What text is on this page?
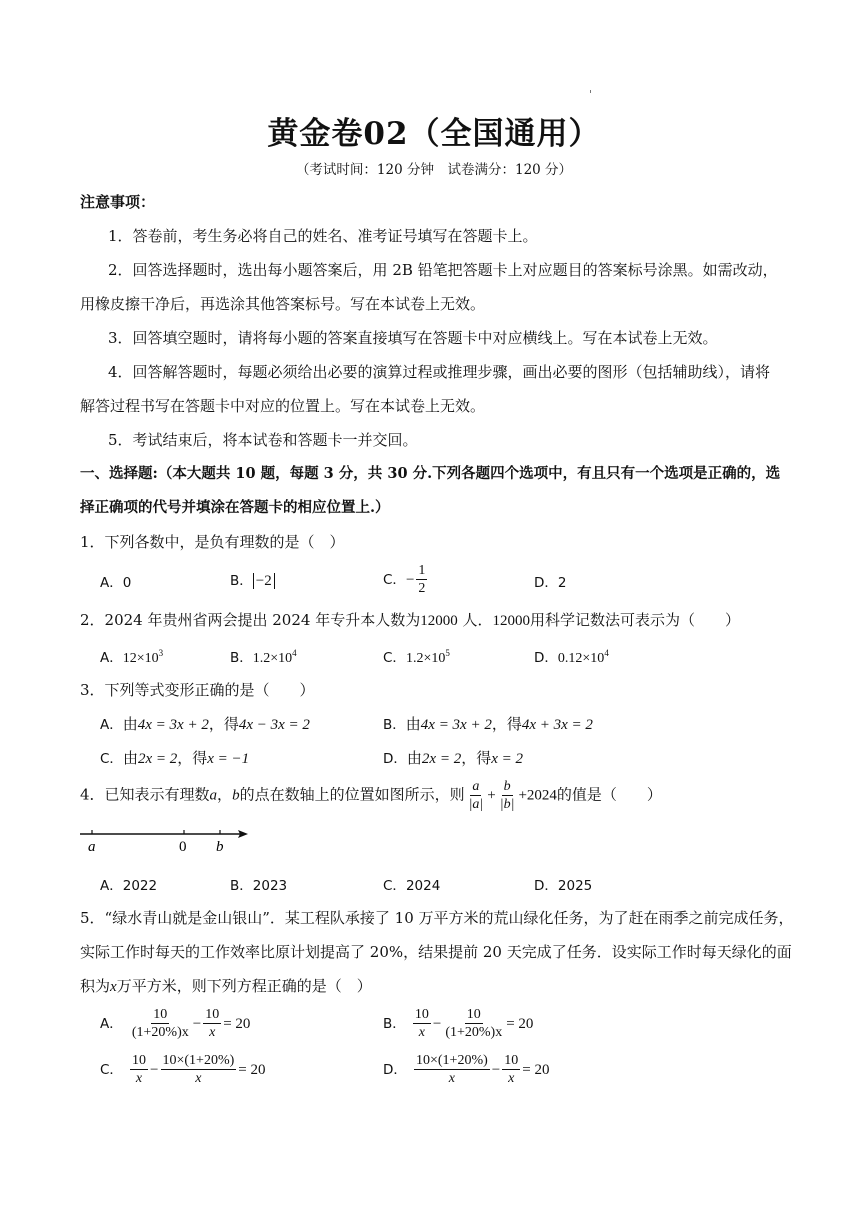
黄金卷02（全国通用）
（考试时间：120 分钟　试卷满分：120 分）
注意事项：
1．答卷前，考生务必将自己的姓名、准考证号填写在答题卡上。
2．回答选择题时，选出每小题答案后，用 2B 铅笔把答题卡上对应题目的答案标号涂黑。如需改动，
用橡皮擦干净后，再选涂其他答案标号。写在本试卷上无效。
3．回答填空题时，请将每小题的答案直接填写在答题卡中对应横线上。写在本试卷上无效。
4．回答解答题时，每题必须给出必要的演算过程或推理步骤，画出必要的图形（包括辅助线），请将
解答过程书写在答题卡中对应的位置上。写在本试卷上无效。
5．考试结束后，将本试卷和答题卡一并交回。
一、选择题:（本大题共 10 题，每题 3 分，共 30 分.下列各题四个选项中，有且只有一个选项是正确的，选
择正确项的代号并填涂在答题卡的相应位置上.）
1．下列各数中，是负有理数的是（　）
A．0	B． −2	C．− $\frac{1}{2}$	D．2
2．2024 年贵州省两会提出 2024 年专升本人数为12000 人．12000用科学记数法可表示为（　　）
A．$12\times 10^3$	B．$1.2\times 10^4$	C．$1.2\times 10^5$	D．$0.12\times 10^4$
3．下列等式变形正确的是（　　）
A．由4x = 3x + 2，得4x − 3x = 2	B．由4x = 3x + 2，得4x + 3x = 2
C．由2x = 2，得x = −1	D．由2x = 2，得x = 2
4．已知表示有理数a，b的点在数轴上的位置如图所示，则 $\frac{a}{|a|} + \frac{b}{|b|} +2024$的值是（　　）
a	0 b
A．2022	B．2023	C．2024	D．2025
5．“绿水青山就是金山银山”．某工程队承接了 10 万平方米的荒山绿化任务，为了赶在雨季之前完成任务，
实际工作时每天的工作效率比原计划提高了 20%，结果提前 20 天完成了任务．设实际工作时每天绿化的面
积为x万平方米，则下列方程正确的是（　）
A． $\frac{10}{(1+20\%)x} - \frac{10}{x} = 20$	B． $\frac{10}{x} - \frac{10}{(1+20\%)x} = 20$
C． $\frac{10}{x} - \frac{10\times(1+20\%)}{x} = 20$	D． $\frac{10\times(1+20\%)}{x} - \frac{10}{x} = 20$
